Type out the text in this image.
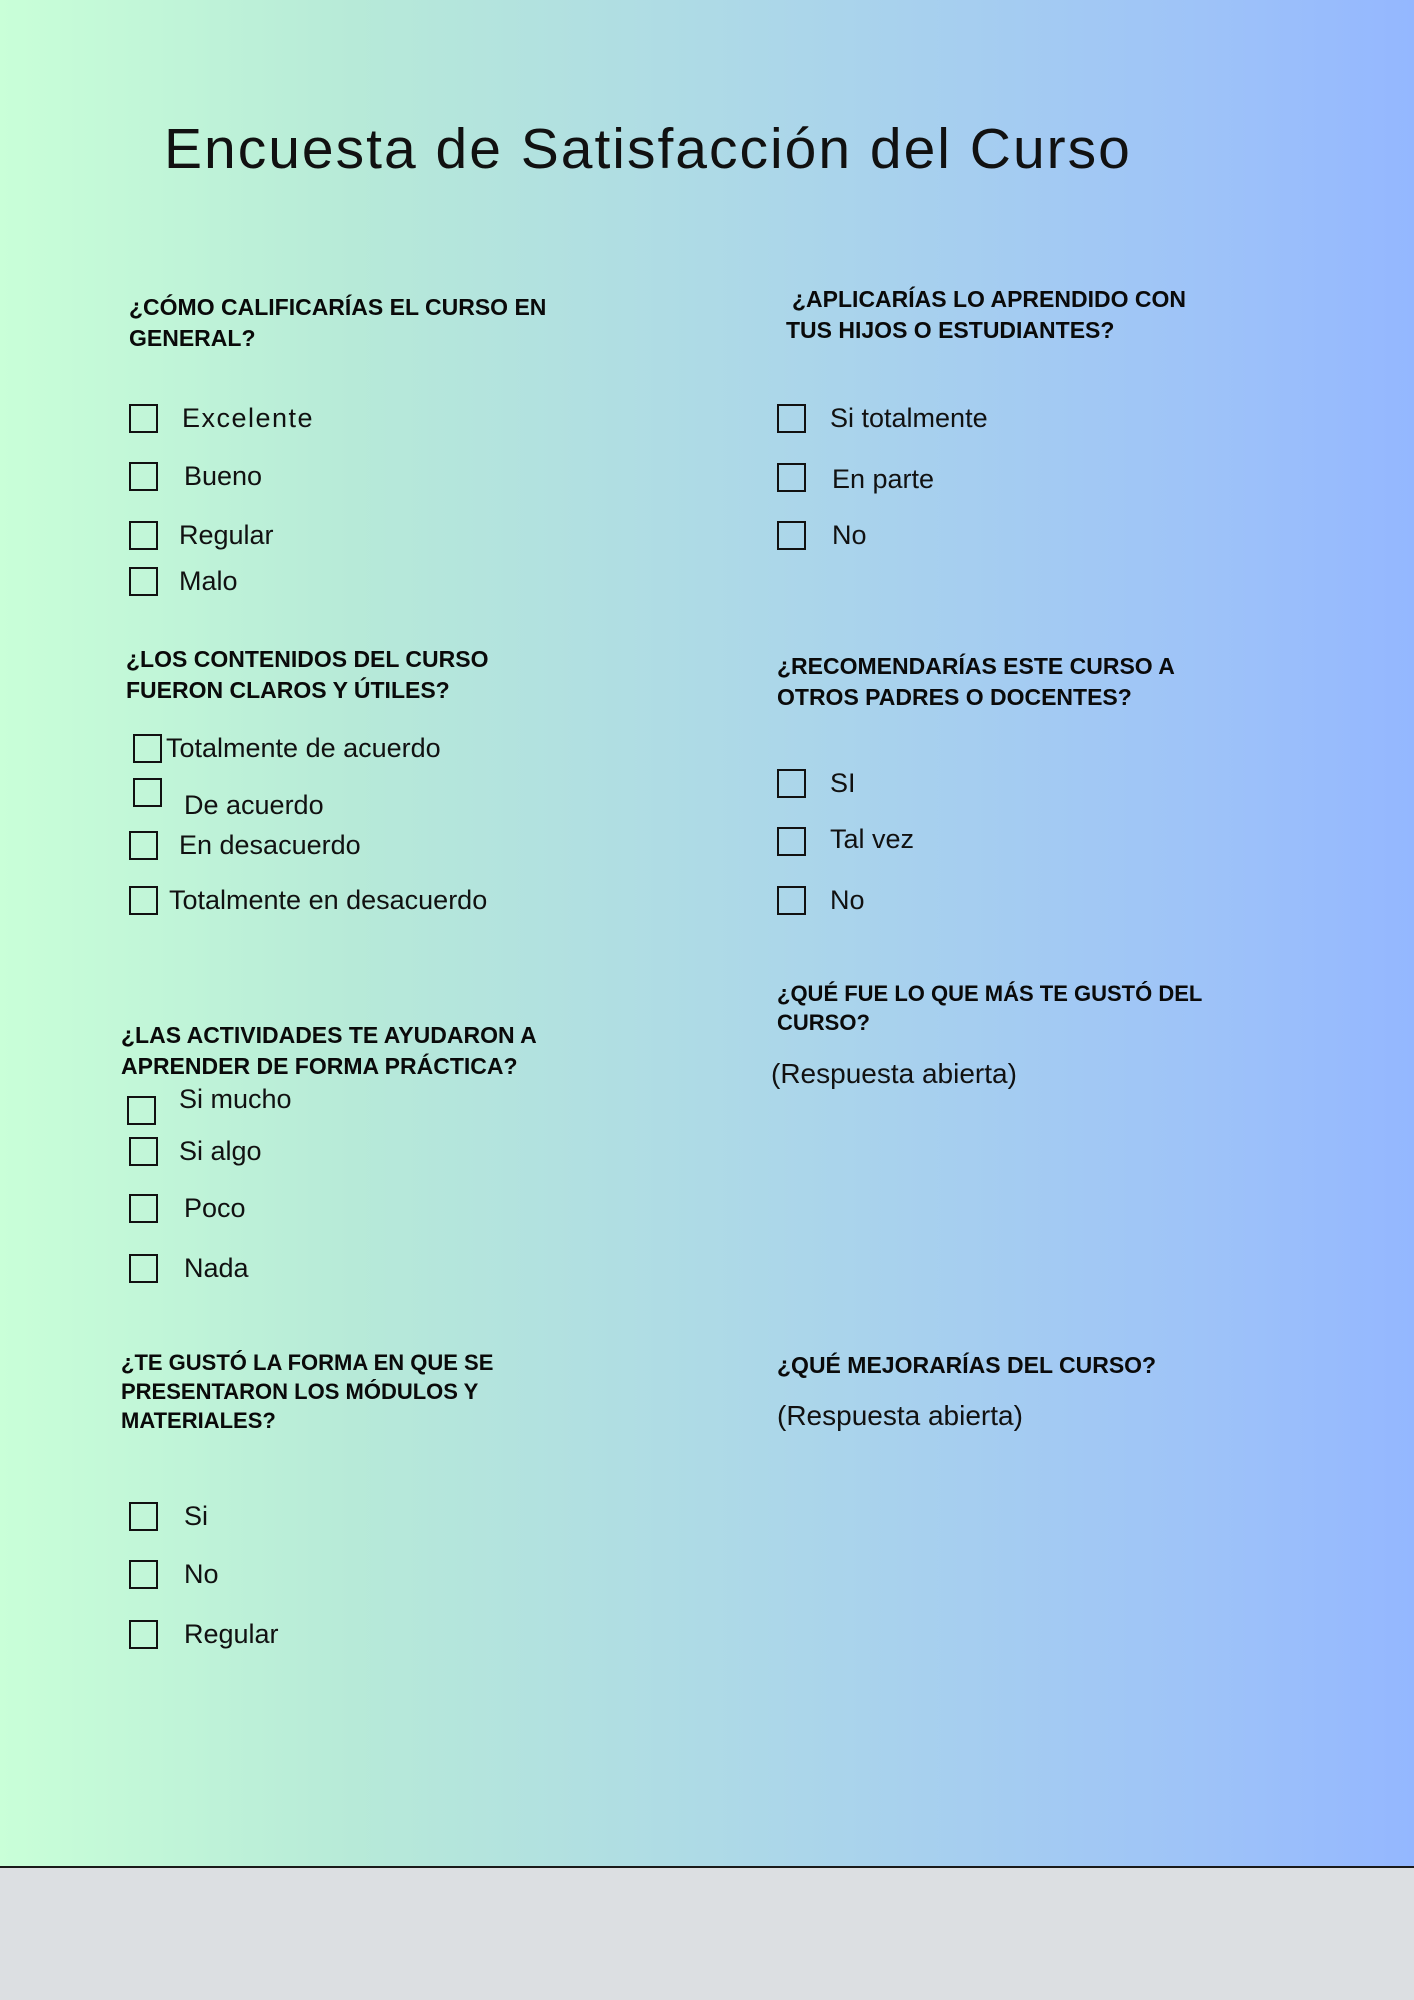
Encuesta de Satisfacción del Curso
¿CÓMO CALIFICARÍAS EL CURSO EN
GENERAL?
Excelente
Bueno
Regular
Malo
¿LOS CONTENIDOS DEL CURSO
FUERON CLAROS Y ÚTILES?
Totalmente de acuerdo
De acuerdo
En desacuerdo
Totalmente en desacuerdo
¿LAS ACTIVIDADES TE AYUDARON A
APRENDER DE FORMA PRÁCTICA?
Si mucho
Si algo
Poco
Nada
¿TE GUSTÓ LA FORMA EN QUE SE
PRESENTARON LOS MÓDULOS Y
MATERIALES?
Si
No
Regular
¿APLICARÍAS LO APRENDIDO CON
TUS HIJOS O ESTUDIANTES?
Si totalmente
En parte
No
¿RECOMENDARÍAS ESTE CURSO A
OTROS PADRES O DOCENTES?
SI
Tal vez
No
¿QUÉ FUE LO QUE MÁS TE GUSTÓ DEL
CURSO?
(Respuesta abierta)
¿QUÉ MEJORARÍAS DEL CURSO?
(Respuesta abierta)
